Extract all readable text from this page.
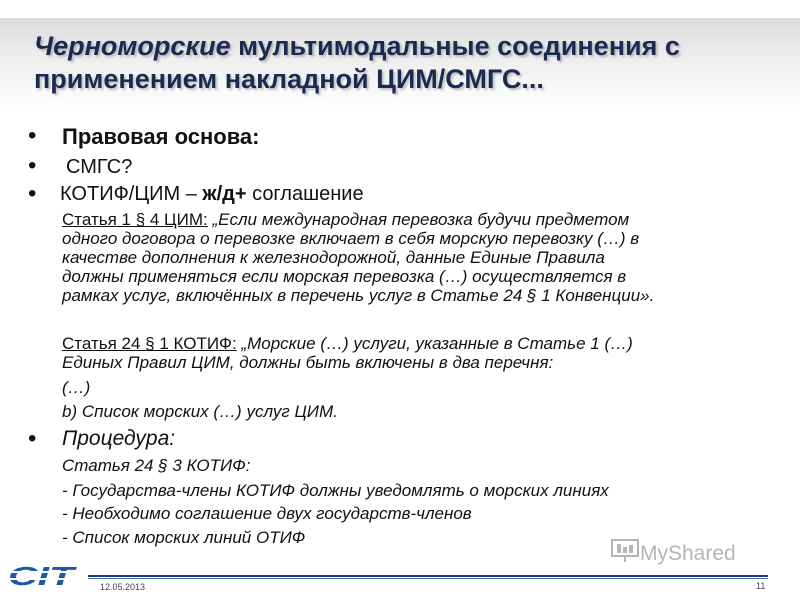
Черноморские мультимодальные соединения с
применением накладной ЦИМ/СМГС...
• Правовая основа:
• СМГС?
• КОТИФ/ЦИМ – ж/д+ соглашение
Статья 1 § 4 ЦИМ: „Если международная перевозка будучи предметом
одного договора о перевозке включает в себя морскую перевозку (…) в
качестве дополнения к железнодорожной, данные Единые Правила
должны применяться если морская перевозка (…) осуществляется в
рамках услуг, включённых в перечень услуг в Статье 24 § 1 Конвенции».
Статья 24 § 1 КОТИФ: „Морские (…) услуги, указанные в Статье 1 (…)
Единых Правил ЦИМ, должны быть включены в два перечня:
(…)
b) Список морских (…) услуг ЦИМ.
• Процедура:
Статья 24 § 3 КОТИФ:
- Государства-члены КОТИФ должны уведомлять о морских линиях
- Необходимо соглашение двух государств-членов
- Список морских линий ОТИФ
MyShared
CIT	12.05.2013	11
